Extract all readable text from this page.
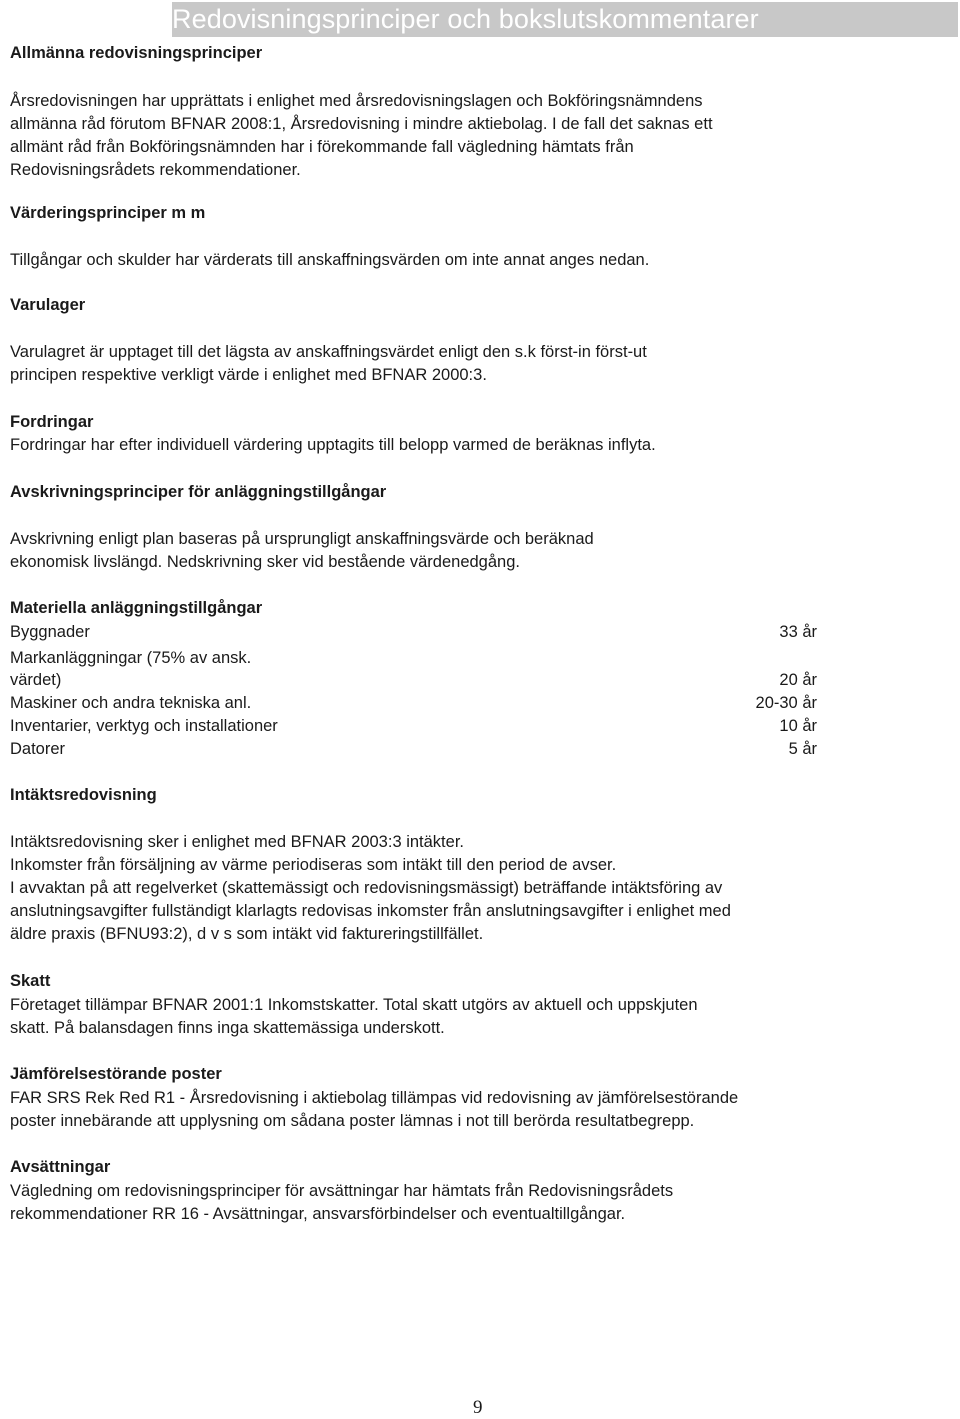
Redovisningsprinciper och bokslutskommentarer
Allmänna redovisningsprinciper
Årsredovisningen har upprättats i enlighet med årsredovisningslagen och Bokföringsnämndens
allmänna råd förutom BFNAR 2008:1, Årsredovisning i mindre aktiebolag. I de fall det saknas ett
allmänt råd från Bokföringsnämnden har i förekommande fall vägledning hämtats från
Redovisningsrådets rekommendationer.
Värderingsprinciper m m
Tillgångar och skulder har värderats till anskaffningsvärden om inte annat anges nedan.
Varulager
Varulagret är upptaget till det lägsta av anskaffningsvärdet enligt den s.k först-in först-ut
principen respektive verkligt värde i enlighet med BFNAR 2000:3.
Fordringar
Fordringar har efter individuell värdering upptagits till belopp varmed de beräknas inflyta.
Avskrivningsprinciper för anläggningstillgångar
Avskrivning enligt plan baseras på ursprungligt anskaffningsvärde och beräknad
ekonomisk livslängd. Nedskrivning sker vid bestående värdenedgång.
Materiella anläggningstillgångar
Byggnader	33 år
Markanläggningar (75% av ansk.
värdet)	20 år
Maskiner och andra tekniska anl.	20-30 år
Inventarier, verktyg och installationer	10 år
Datorer	5 år
Intäktsredovisning
Intäktsredovisning sker i enlighet med BFNAR 2003:3 intäkter.
Inkomster från försäljning av värme periodiseras som intäkt till den period de avser.
I avvaktan på att regelverket (skattemässigt och redovisningsmässigt) beträffande intäktsföring av
anslutningsavgifter fullständigt klarlagts redovisas inkomster från anslutningsavgifter i enlighet med
äldre praxis (BFNU93:2), d v s som intäkt vid faktureringstillfället.
Skatt
Företaget tillämpar BFNAR 2001:1 Inkomstskatter. Total skatt utgörs av aktuell och uppskjuten
skatt. På balansdagen finns inga skattemässiga underskott.
Jämförelsestörande poster
FAR SRS Rek Red R1 - Årsredovisning i aktiebolag tillämpas vid redovisning av jämförelsestörande
poster innebärande att upplysning om sådana poster lämnas i not till berörda resultatbegrepp.
Avsättningar
Vägledning om redovisningsprinciper för avsättningar har hämtats från Redovisningsrådets
rekommendationer RR 16 - Avsättningar, ansvarsförbindelser och eventualtillgångar.
9
